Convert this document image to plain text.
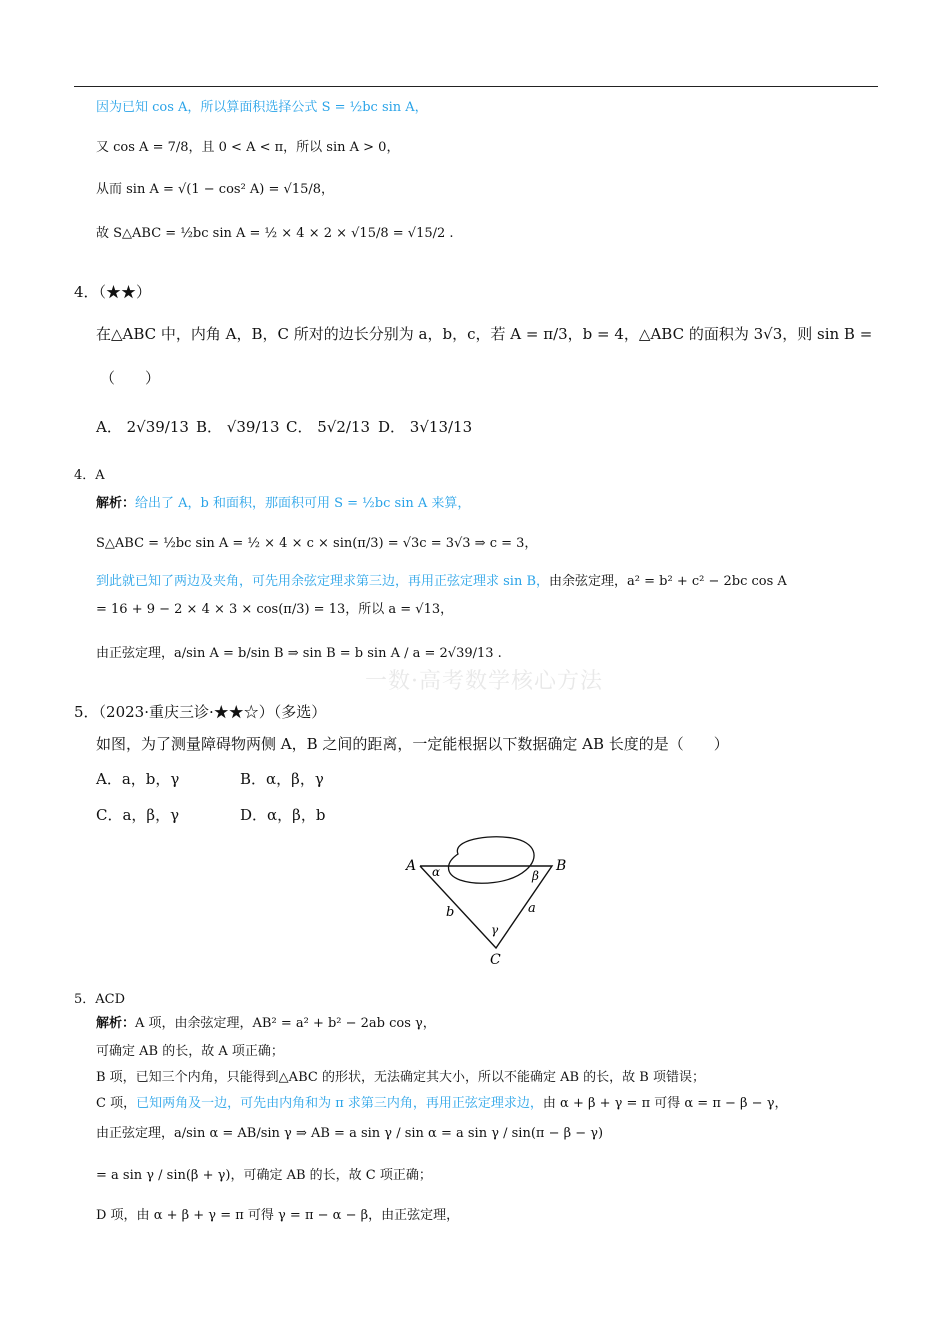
因为已知 cos A，所以算面积选择公式 S = ½bc sin A，
又 cos A = 7/8，且 0 < A < π，所以 sin A > 0，
从而 sin A = √(1 − cos² A) = √15/8，
故 S△ABC = ½bc sin A = ½ × 4 × 2 × √15/8 = √15/2 .
4．（★★）
在△ABC 中，内角 A，B，C 所对的边长分别为 a，b，c，若 A = π/3，b = 4，△ABC 的面积为 3√3，则 sin B =
（　　）
A． 2√39/13 B． √39/13 C． 5√2/13 D． 3√13/13
4．A
解析：给出了 A，b 和面积，那面积可用 S = ½bc sin A 来算，
S△ABC = ½bc sin A = ½ × 4 × c × sin(π/3) = √3c = 3√3 ⇒ c = 3，
到此就已知了两边及夹角，可先用余弦定理求第三边，再用正弦定理求 sin B，由余弦定理，a² = b² + c² − 2bc cos A
= 16 + 9 − 2 × 4 × 3 × cos(π/3) = 13，所以 a = √13，
由正弦定理，a/sin A = b/sin B ⇒ sin B = b sin A / a = 2√39/13 .
一数·高考数学核心方法
5．（2023·重庆三诊·★★☆）（多选）
如图，为了测量障碍物两侧 A，B 之间的距离，一定能根据以下数据确定 AB 长度的是（　　）
A．a，b，γ	B．α，β，γ
C．a，β，γ	D．α，β，b
A	B
C
α	β
γ
b	a
5．ACD
解析：A 项，由余弦定理，AB² = a² + b² − 2ab cos γ，
可确定 AB 的长，故 A 项正确；
B 项，已知三个内角，只能得到△ABC 的形状，无法确定其大小，所以不能确定 AB 的长，故 B 项错误；
C 项，已知两角及一边，可先由内角和为 π 求第三内角，再用正弦定理求边，由 α + β + γ = π 可得 α = π − β − γ，
由正弦定理，a/sin α = AB/sin γ ⇒ AB = a sin γ / sin α = a sin γ / sin(π − β − γ)
= a sin γ / sin(β + γ)，可确定 AB 的长，故 C 项正确；
D 项，由 α + β + γ = π 可得 γ = π − α − β，由正弦定理，
